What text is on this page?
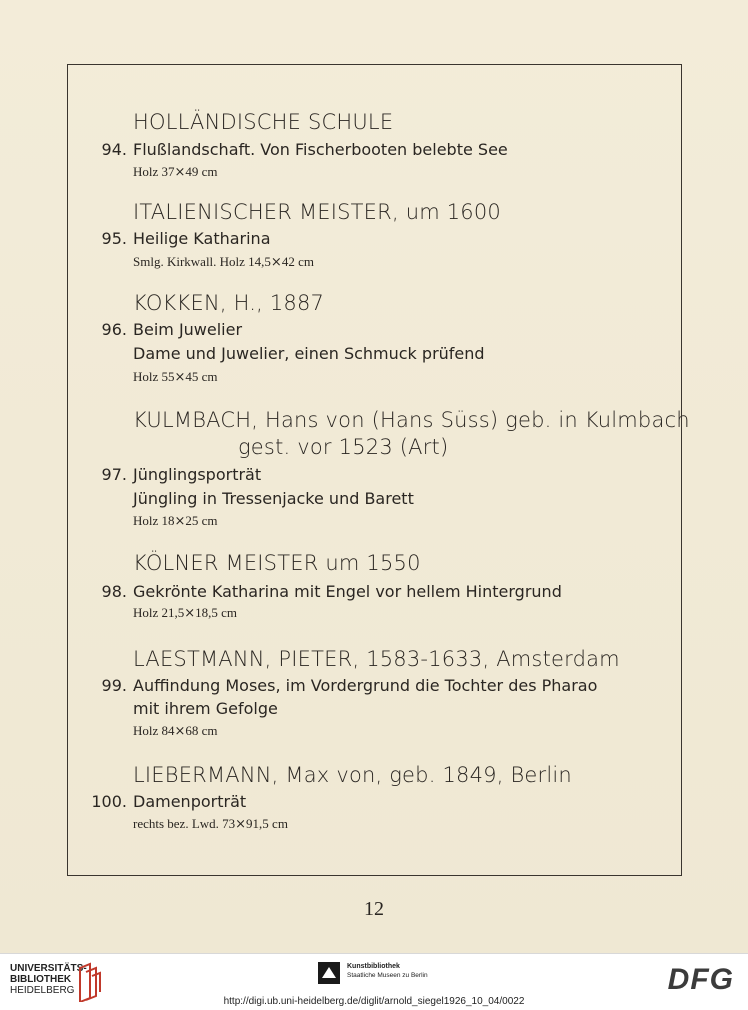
HOLLÄNDISCHE SCHULE
94. Flußlandschaft. Von Fischerbooten belebte See
Holz 37⨯49 cm
ITALIENISCHER MEISTER, um 1600
95. Heilige Katharina
Smlg. Kirkwall. Holz 14,5⨯42 cm
KOKKEN, H., 1887
96. Beim Juwelier
Dame und Juwelier, einen Schmuck prüfend
Holz 55⨯45 cm
KULMBACH, Hans von (Hans Süss) geb. in Kulmbach
gest. vor 1523 (Art)
97. Jünglingsporträt
Jüngling in Tressenjacke und Barett
Holz 18⨯25 cm
KÖLNER MEISTER um 1550
98. Gekrönte Katharina mit Engel vor hellem Hintergrund
Holz 21,5⨯18,5 cm
LAESTMANN, PIETER, 1583-1633, Amsterdam
99. Auffindung Moses, im Vordergrund die Tochter des Pharao
mit ihrem Gefolge
Holz 84⨯68 cm
LIEBERMANN, Max von, geb. 1849, Berlin
100. Damenporträt
rechts bez. Lwd. 73⨯91,5 cm
12
UNIVERSITÄTS-
BIBLIOTHEK
HEIDELBERG
Kunstbibliothek
Staatliche Museen zu Berlin	DFG
http://digi.ub.uni-heidelberg.de/diglit/arnold_siegel1926_10_04/0022
